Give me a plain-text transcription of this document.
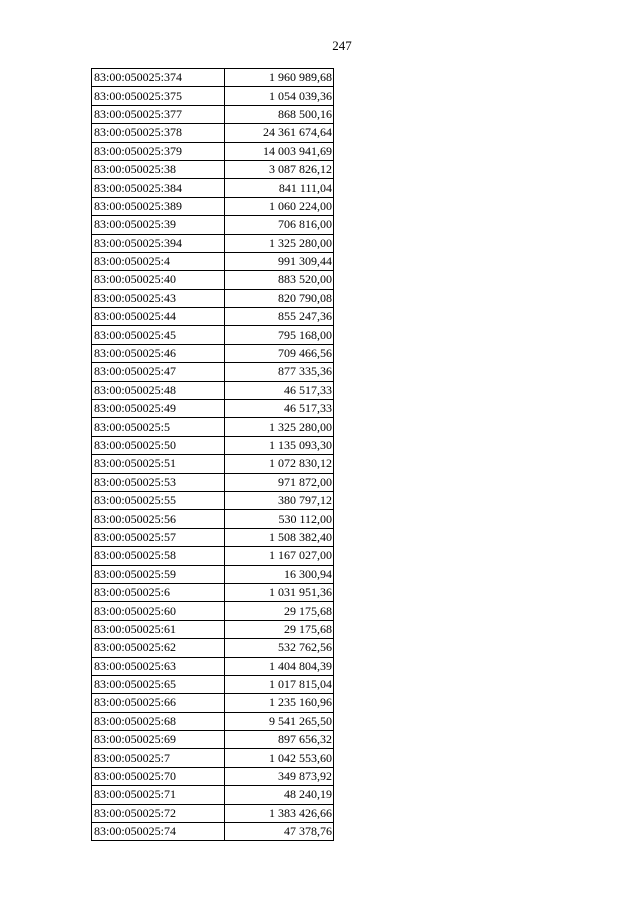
247
83:00:050025:374	1 960 989,68
83:00:050025:375	1 054 039,36
83:00:050025:377	868 500,16
83:00:050025:378	24 361 674,64
83:00:050025:379	14 003 941,69
83:00:050025:38	3 087 826,12
83:00:050025:384	841 111,04
83:00:050025:389	1 060 224,00
83:00:050025:39	706 816,00
83:00:050025:394	1 325 280,00
83:00:050025:4	991 309,44
83:00:050025:40	883 520,00
83:00:050025:43	820 790,08
83:00:050025:44	855 247,36
83:00:050025:45	795 168,00
83:00:050025:46	709 466,56
83:00:050025:47	877 335,36
83:00:050025:48	46 517,33
83:00:050025:49	46 517,33
83:00:050025:5	1 325 280,00
83:00:050025:50	1 135 093,30
83:00:050025:51	1 072 830,12
83:00:050025:53	971 872,00
83:00:050025:55	380 797,12
83:00:050025:56	530 112,00
83:00:050025:57	1 508 382,40
83:00:050025:58	1 167 027,00
83:00:050025:59	16 300,94
83:00:050025:6	1 031 951,36
83:00:050025:60	29 175,68
83:00:050025:61	29 175,68
83:00:050025:62	532 762,56
83:00:050025:63	1 404 804,39
83:00:050025:65	1 017 815,04
83:00:050025:66	1 235 160,96
83:00:050025:68	9 541 265,50
83:00:050025:69	897 656,32
83:00:050025:7	1 042 553,60
83:00:050025:70	349 873,92
83:00:050025:71	48 240,19
83:00:050025:72	1 383 426,66
83:00:050025:74	47 378,76
